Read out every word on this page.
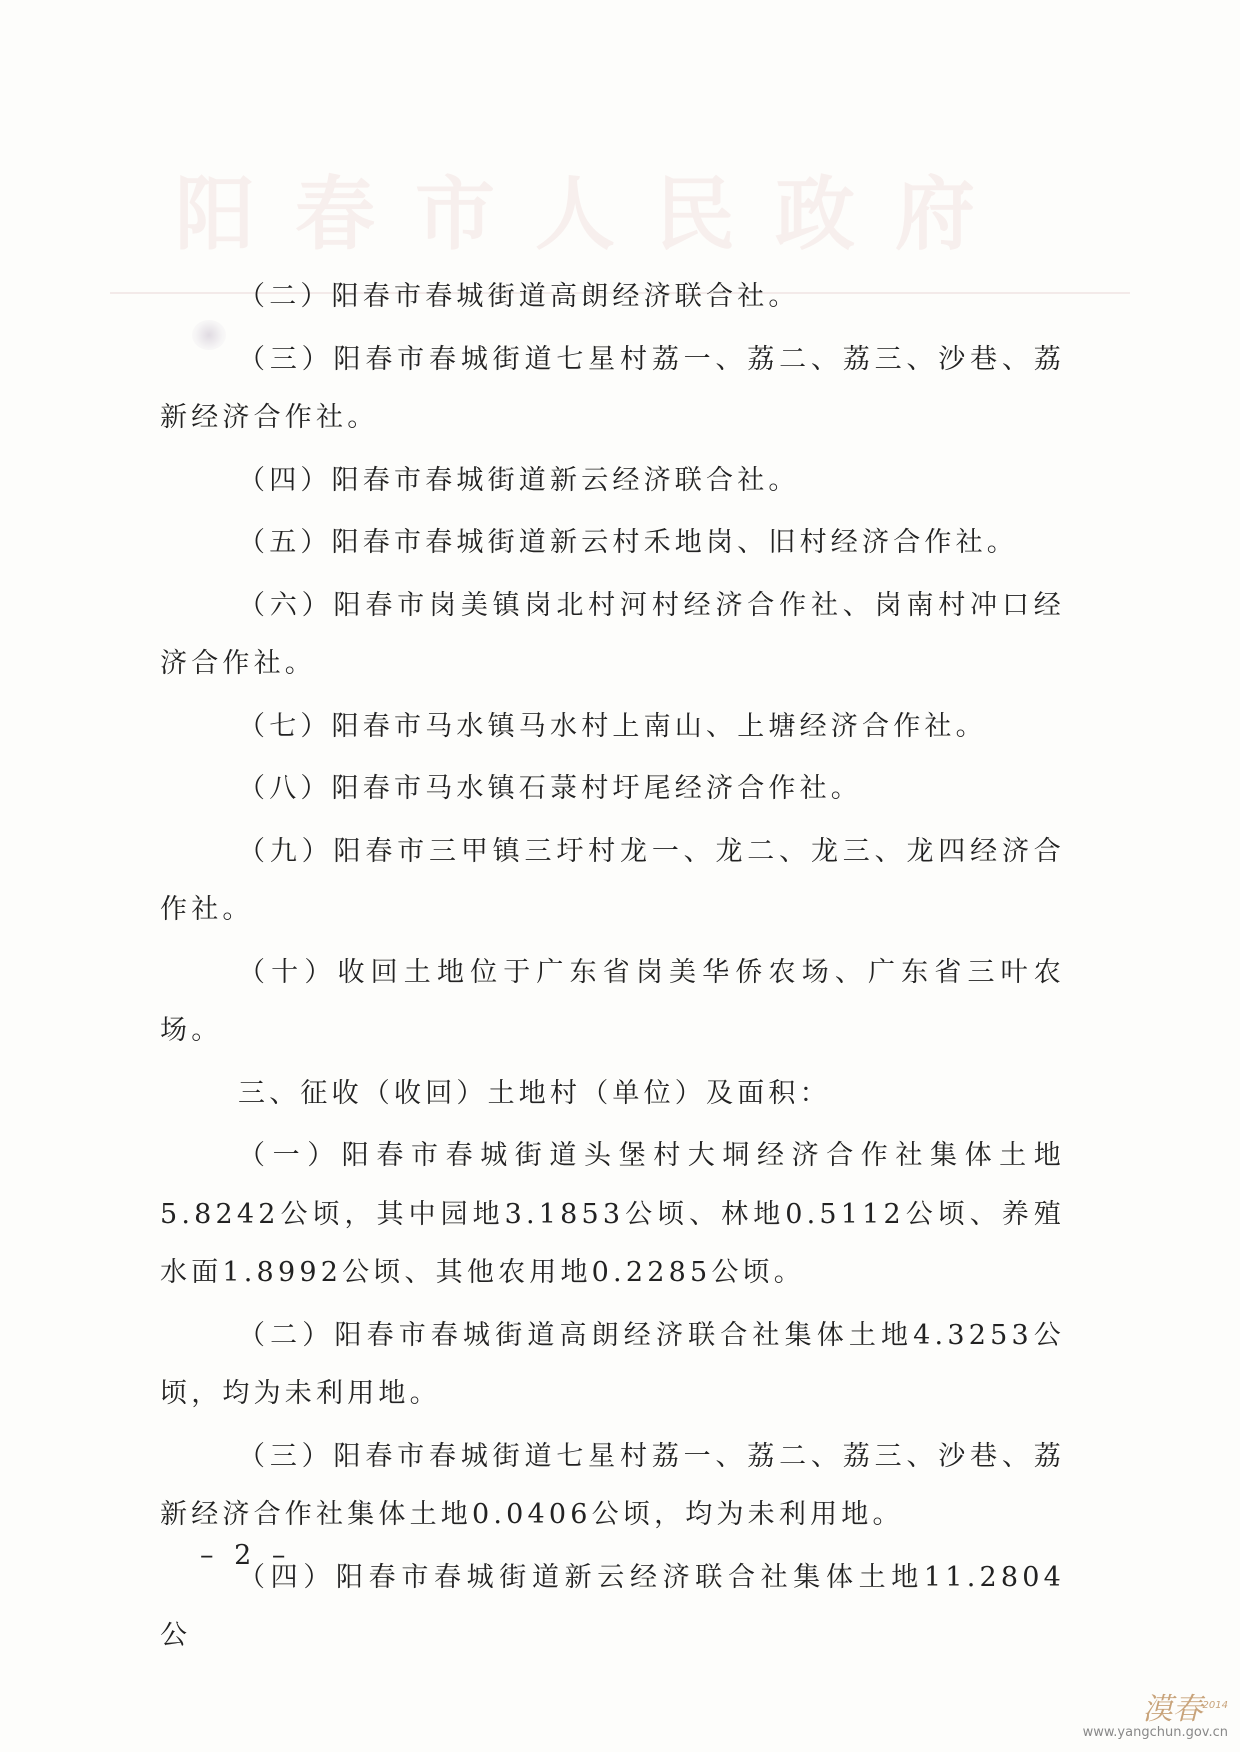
阳春市人民政府

（二）阳春市春城街道高朗经济联合社。

（三）阳春市春城街道七星村荔一、荔二、荔三、沙巷、荔新经济合作社。

（四）阳春市春城街道新云经济联合社。

（五）阳春市春城街道新云村禾地岗、旧村经济合作社。

（六）阳春市岗美镇岗北村河村经济合作社、岗南村冲口经济合作社。

（七）阳春市马水镇马水村上南山、上塘经济合作社。

（八）阳春市马水镇石菉村圩尾经济合作社。

（九）阳春市三甲镇三圩村龙一、龙二、龙三、龙四经济合作社。

（十）收回土地位于广东省岗美华侨农场、广东省三叶农场。

三、征收（收回）土地村（单位）及面积：

（一）阳春市春城街道头堡村大垌经济合作社集体土地5.8242公顷，其中园地3.1853公顷、林地0.5112公顷、养殖水面1.8992公顷、其他农用地0.2285公顷。

（二）阳春市春城街道高朗经济联合社集体土地4.3253公顷，均为未利用地。

（三）阳春市春城街道七星村荔一、荔二、荔三、沙巷、荔新经济合作社集体土地0.0406公顷，均为未利用地。

（四）阳春市春城街道新云经济联合社集体土地11.2804公

– 2 –
漠春$^{2014}$
www.yangchun.gov.cn
